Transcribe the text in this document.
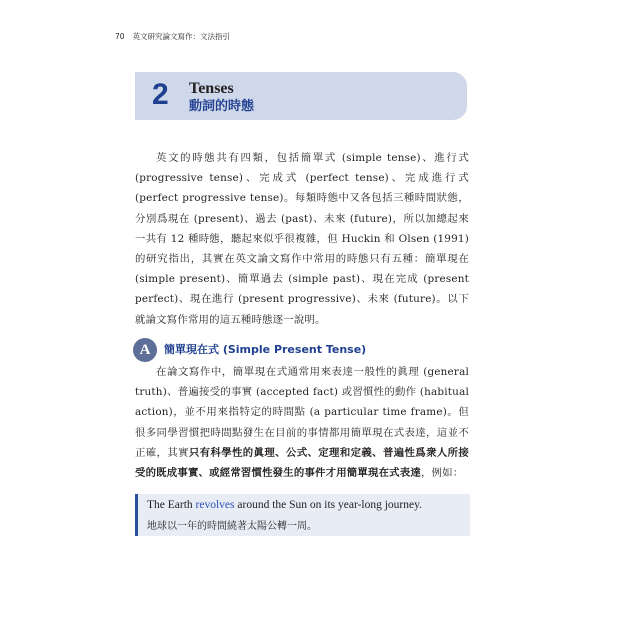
70 英文研究論文寫作：文法指引
2 Tenses
動詞的時態
英文的時態共有四類，包括簡單式 (simple tense)、進行式 (progressive tense)、完成式 (perfect tense)、完成進行式 (perfect progressive tense)。每類時態中又各包括三種時間狀態，分別爲現在 (present)、過去 (past)、未來 (future)，所以加總起來一共有 12 種時態，聽起來似乎很複雜，但 Huckin 和 Olsen (1991) 的研究指出，其實在英文論文寫作中常用的時態只有五種：簡單現在 (simple present)、簡單過去 (simple past)、現在完成 (present perfect)、現在進行 (present progressive)、未來 (future)。以下就論文寫作常用的這五種時態逐一說明。
A	簡單現在式 (Simple Present Tense)
在論文寫作中，簡單現在式通常用來表達一般性的眞理 (general truth)、普遍接受的事實 (accepted fact) 或習慣性的動作 (habitual action)，並不用來指特定的時間點 (a particular time frame)。但很多同學習慣把時間點發生在目前的事情都用簡單現在式表達，這並不正確，其實只有科學性的眞理、公式、定理和定義、普遍性爲衆人所接受的既成事實、或經常習慣性發生的事件才用簡單現在式表達，例如：
The Earth revolves around the Sun on its year-long journey.
地球以一年的時間繞著太陽公轉一周。
